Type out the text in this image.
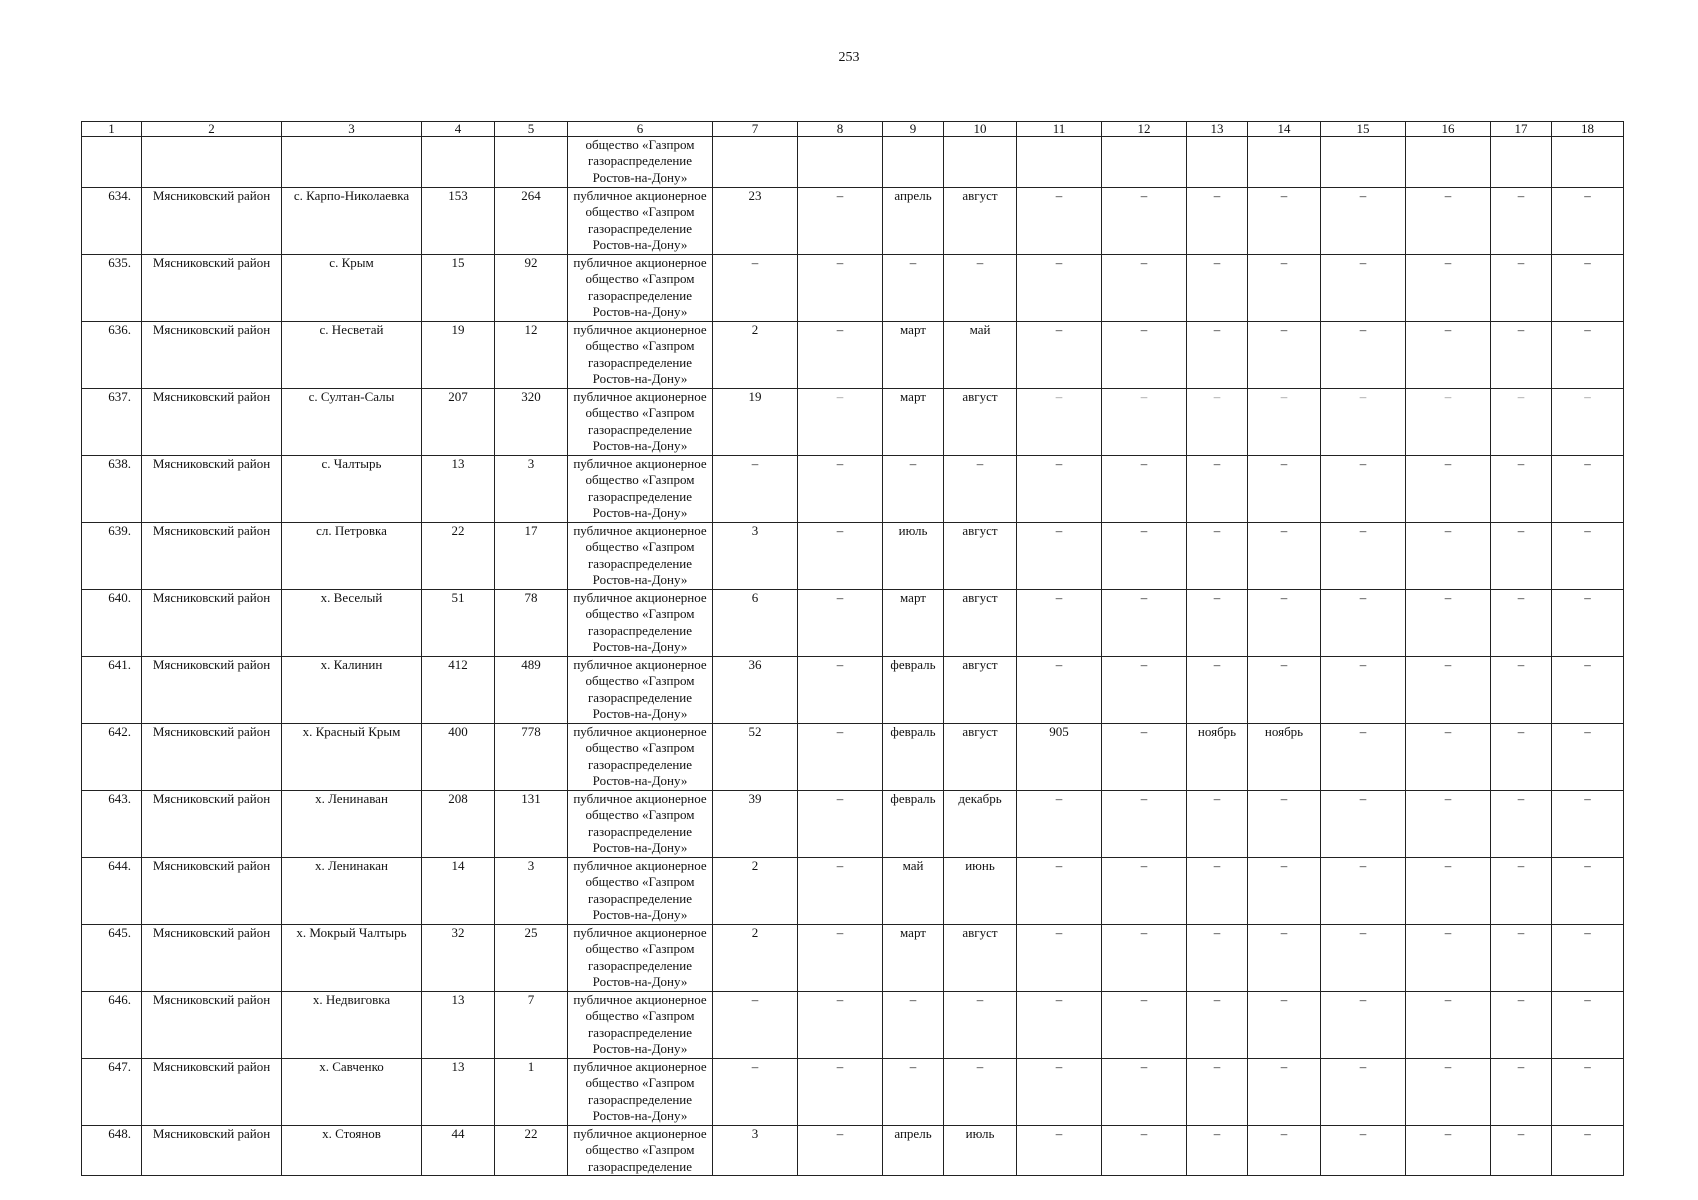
253
1	2	3	4	5	6	7	8	9	10	11	12	13	14	15	16	17	18

					общество «Газпром
газораспределение
Ростов-на-Дону»												

634.	Мясниковский район	с. Карпо-Николаевка	153	264	публичное акционерное
общество «Газпром
газораспределение
Ростов-на-Дону»	23	–	апрель	август	–	–	–	–	–	–	–	–
635.	Мясниковский район	с. Крым	15	92	публичное акционерное
общество «Газпром
газораспределение
Ростов-на-Дону»	–	–	–	–	–	–	–	–	–	–	–	–
636.	Мясниковский район	с. Несветай	19	12	публичное акционерное
общество «Газпром
газораспределение
Ростов-на-Дону»	2	–	март	май	–	–	–	–	–	–	–	–
637.	Мясниковский район	с. Султан-Салы	207	320	публичное акционерное
общество «Газпром
газораспределение
Ростов-на-Дону»	19	–	март	август	–	–	–	–	–	–	–	–
638.	Мясниковский район	с. Чалтырь	13	3	публичное акционерное
общество «Газпром
газораспределение
Ростов-на-Дону»	–	–	–	–	–	–	–	–	–	–	–	–
639.	Мясниковский район	сл. Петровка	22	17	публичное акционерное
общество «Газпром
газораспределение
Ростов-на-Дону»	3	–	июль	август	–	–	–	–	–	–	–	–
640.	Мясниковский район	х. Веселый	51	78	публичное акционерное
общество «Газпром
газораспределение
Ростов-на-Дону»	6	–	март	август	–	–	–	–	–	–	–	–
641.	Мясниковский район	х. Калинин	412	489	публичное акционерное
общество «Газпром
газораспределение
Ростов-на-Дону»	36	–	февраль	август	–	–	–	–	–	–	–	–
642.	Мясниковский район	х. Красный Крым	400	778	публичное акционерное
общество «Газпром
газораспределение
Ростов-на-Дону»	52	–	февраль	август	905	–	ноябрь	ноябрь	–	–	–	–
643.	Мясниковский район	х. Ленинаван	208	131	публичное акционерное
общество «Газпром
газораспределение
Ростов-на-Дону»	39	–	февраль	декабрь	–	–	–	–	–	–	–	–
644.	Мясниковский район	х. Ленинакан	14	3	публичное акционерное
общество «Газпром
газораспределение
Ростов-на-Дону»	2	–	май	июнь	–	–	–	–	–	–	–	–
645.	Мясниковский район	х. Мокрый Чалтырь	32	25	публичное акционерное
общество «Газпром
газораспределение
Ростов-на-Дону»	2	–	март	август	–	–	–	–	–	–	–	–
646.	Мясниковский район	х. Недвиговка	13	7	публичное акционерное
общество «Газпром
газораспределение
Ростов-на-Дону»	–	–	–	–	–	–	–	–	–	–	–	–
647.	Мясниковский район	х. Савченко	13	1	публичное акционерное
общество «Газпром
газораспределение
Ростов-на-Дону»	–	–	–	–	–	–	–	–	–	–	–	–
648.	Мясниковский район	х. Стоянов	44	22	публичное акционерное
общество «Газпром
газораспределение	3	–	апрель	июль	–	–	–	–	–	–	–	–
